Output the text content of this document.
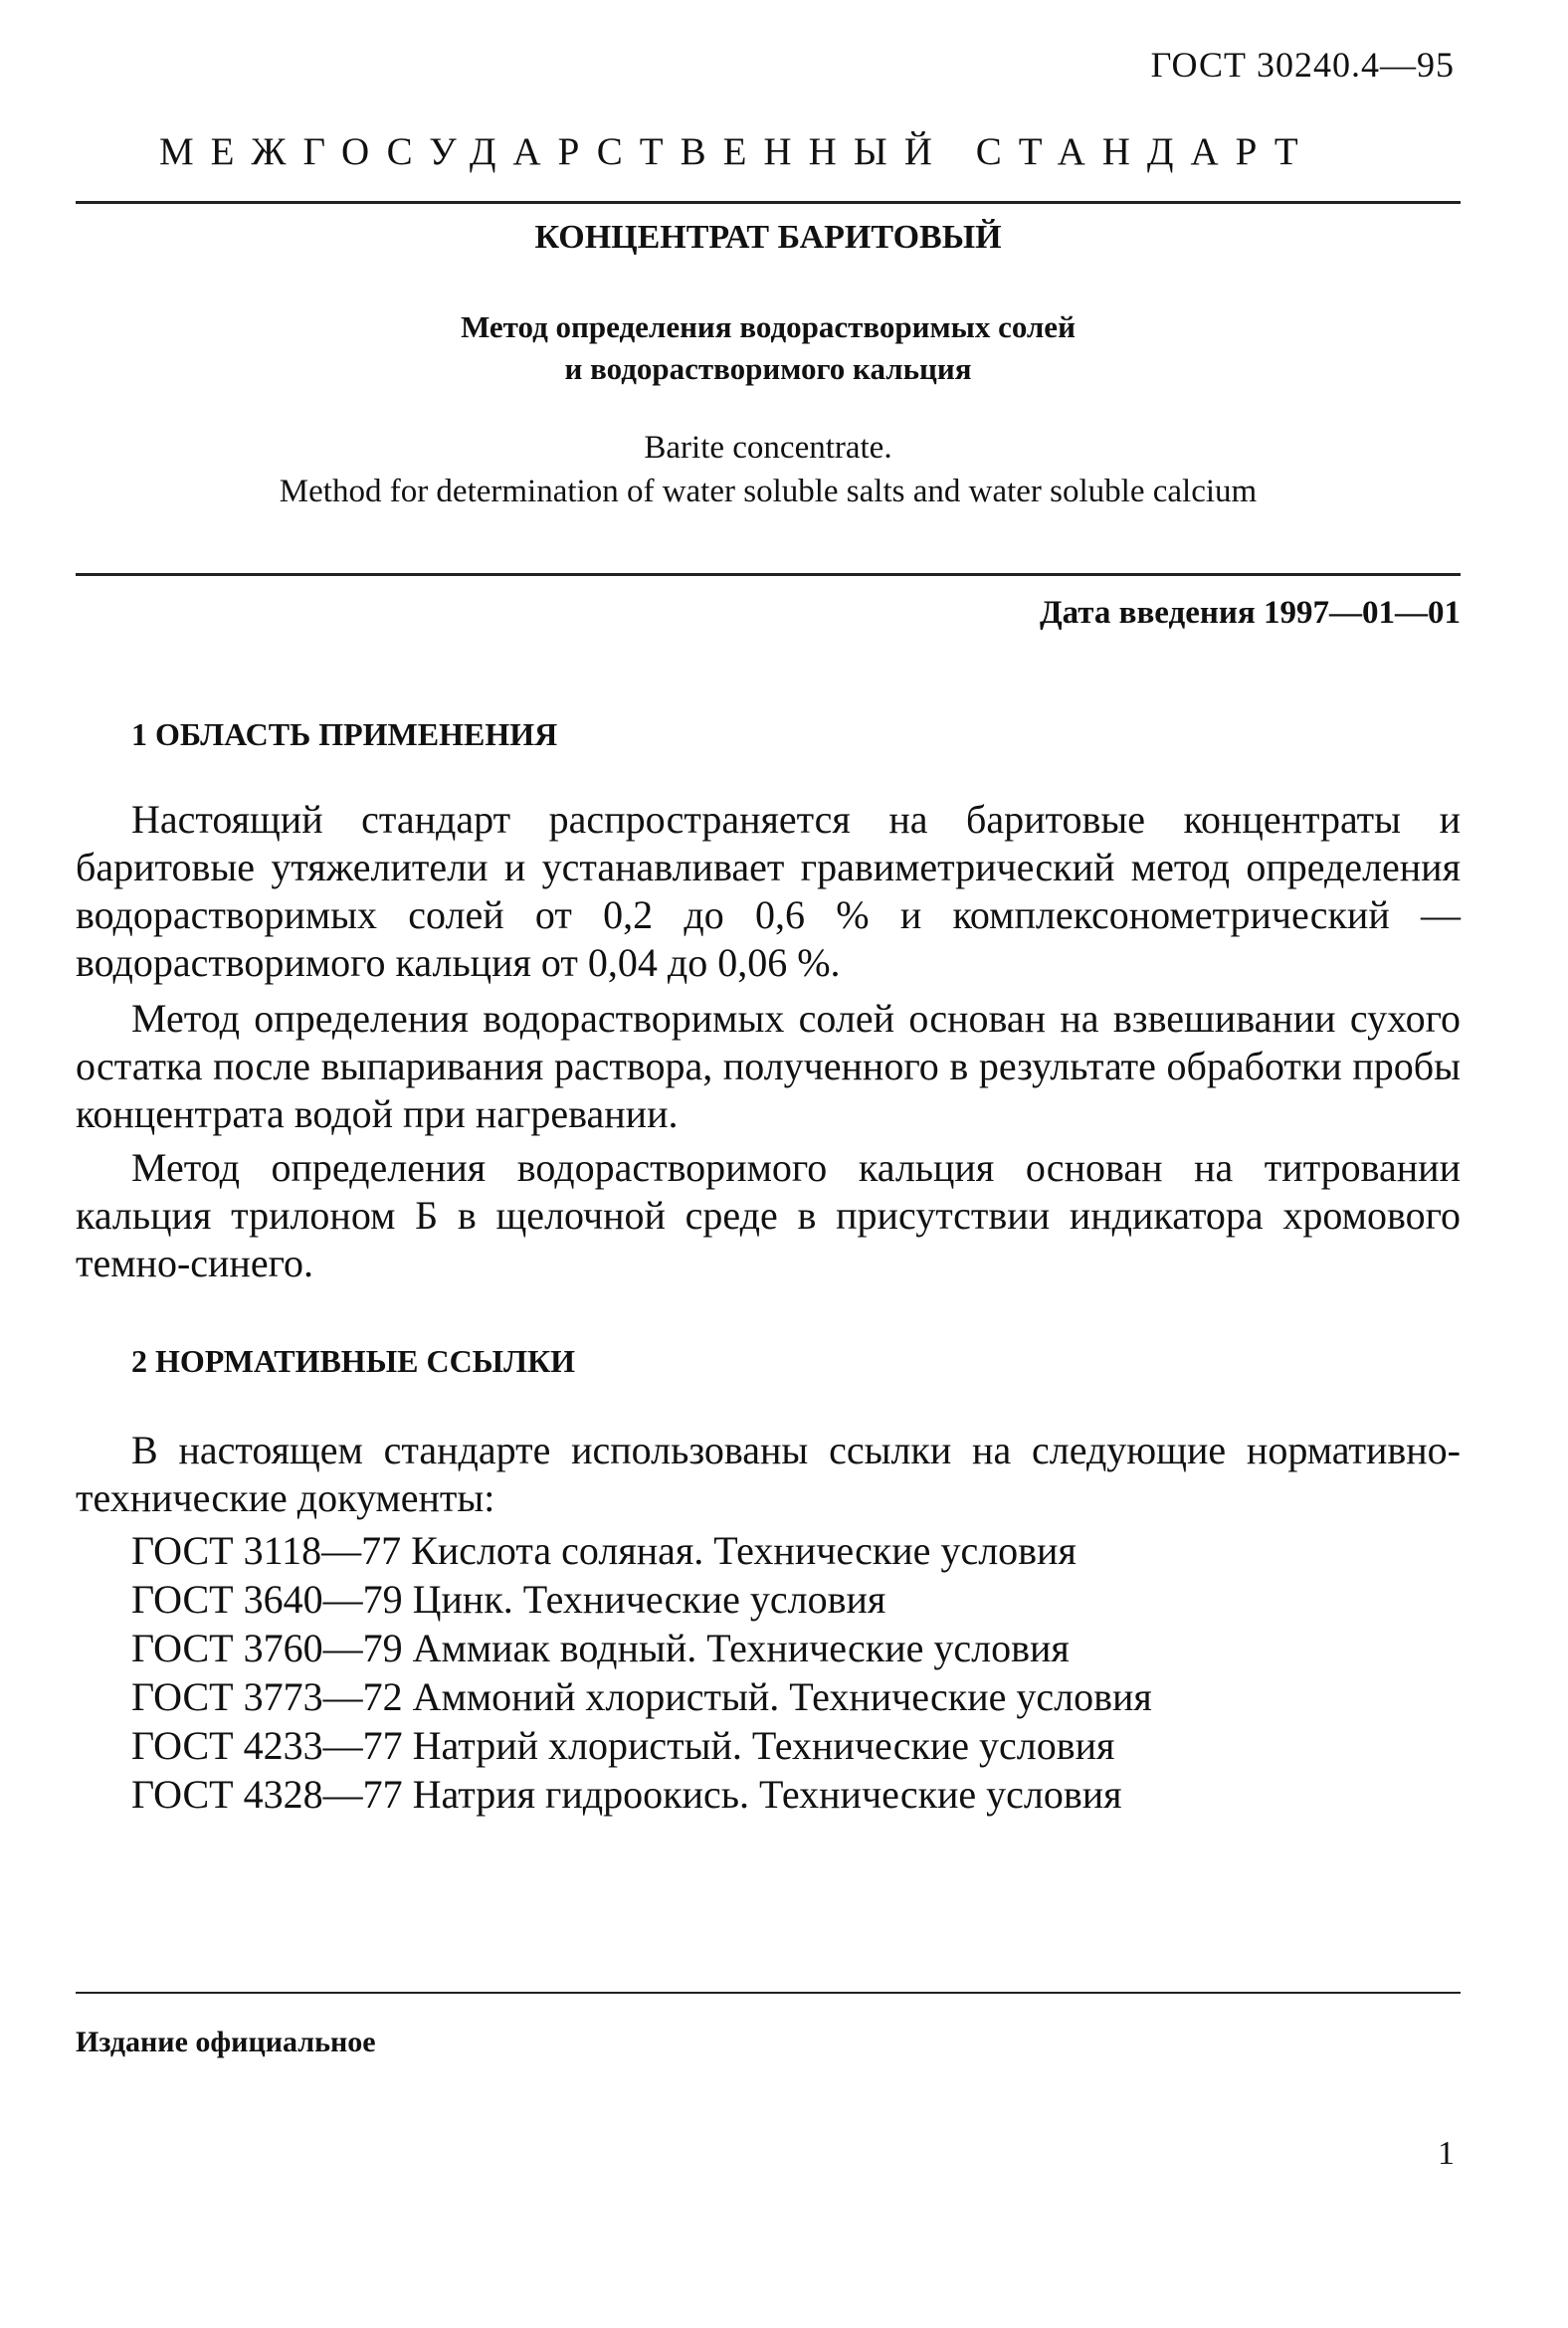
ГОСТ 30240.4—95
МЕЖГОСУДАРСТВЕННЫЙ СТАНДАРТ
КОНЦЕНТРАТ БАРИТОВЫЙ
Метод определения водорастворимых солей
и водорастворимого кальция
Barite concentrate.
Method for determination of water soluble salts and water soluble calcium
Дата введения 1997—01—01
1 ОБЛАСТЬ ПРИМЕНЕНИЯ
Настоящий стандарт распространяется на баритовые концентраты и баритовые утяжелители и устанавливает гравиметрический метод определения водорастворимых солей от 0,2 до 0,6 % и комплексонометрический — водорастворимого кальция от 0,04 до 0,06 %.
Метод определения водорастворимых солей основан на взвешивании сухого остатка после выпаривания раствора, полученного в результате обработки пробы концентрата водой при нагревании.
Метод определения водорастворимого кальция основан на титровании кальция трилоном Б в щелочной среде в присутствии индикатора хромового темно-синего.
2 НОРМАТИВНЫЕ ССЫЛКИ
В настоящем стандарте использованы ссылки на следующие нормативно-технические документы:
ГОСТ 3118—77 Кислота соляная. Технические условия
ГОСТ 3640—79 Цинк. Технические условия
ГОСТ 3760—79 Аммиак водный. Технические условия
ГОСТ 3773—72 Аммоний хлористый. Технические условия
ГОСТ 4233—77 Натрий хлористый. Технические условия
ГОСТ 4328—77 Натрия гидроокись. Технические условия
Издание официальное
1
